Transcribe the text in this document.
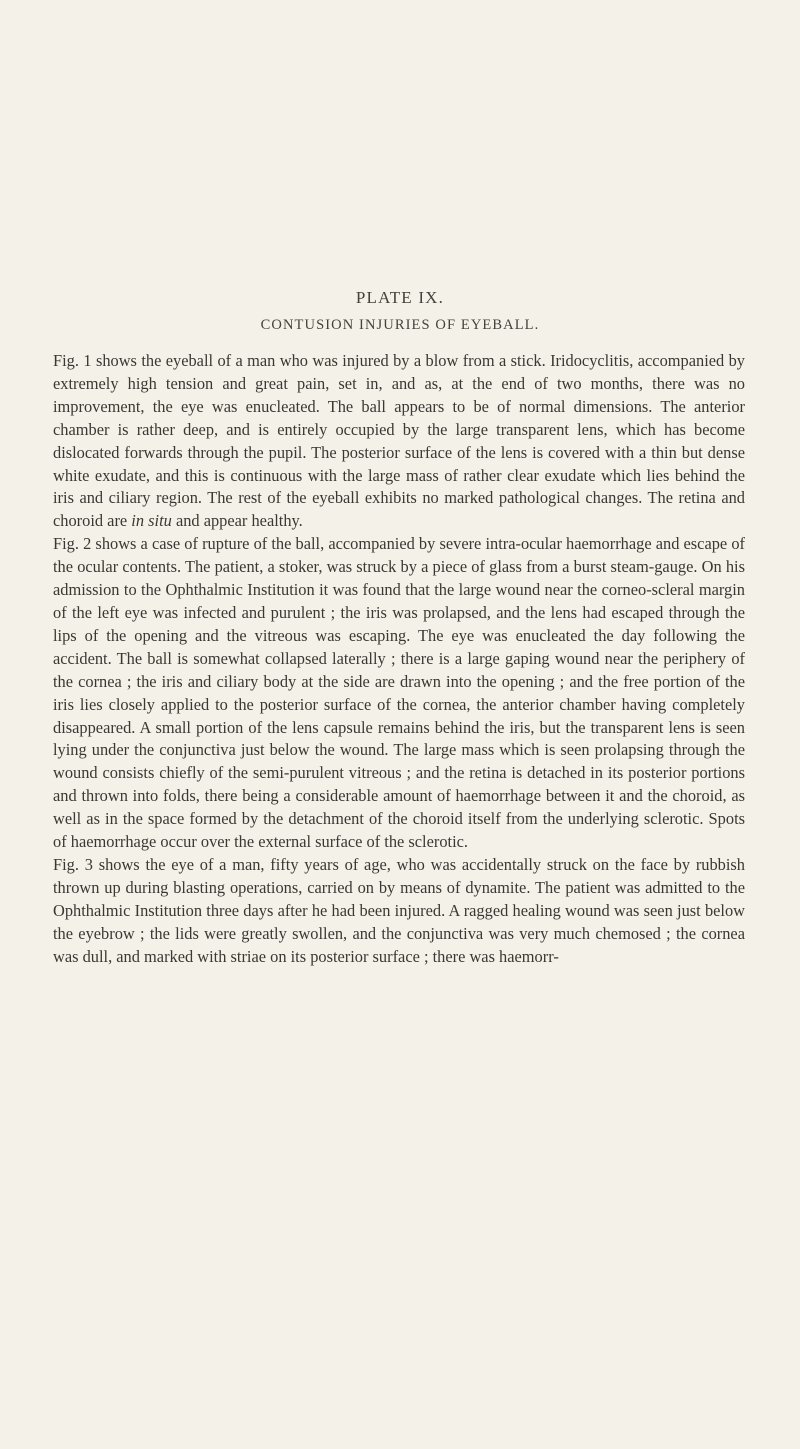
PLATE IX.
CONTUSION INJURIES OF EYEBALL.

Fig. 1 shows the eyeball of a man who was injured by a blow from a stick. Iridocyclitis, accompanied by extremely high tension and great pain, set in, and as, at the end of two months, there was no improvement, the eye was enucleated. The ball appears to be of normal dimensions. The anterior chamber is rather deep, and is entirely occupied by the large transparent lens, which has become dislocated forwards through the pupil. The posterior surface of the lens is covered with a thin but dense white exudate, and this is continuous with the large mass of rather clear exudate which lies behind the iris and ciliary region. The rest of the eyeball exhibits no marked pathological changes. The retina and choroid are in situ and appear healthy.

Fig. 2 shows a case of rupture of the ball, accompanied by severe intra-ocular haemorrhage and escape of the ocular contents. The patient, a stoker, was struck by a piece of glass from a burst steam-gauge. On his admission to the Ophthalmic Institution it was found that the large wound near the corneo-scleral margin of the left eye was infected and purulent ; the iris was prolapsed, and the lens had escaped through the lips of the opening and the vitreous was escaping. The eye was enucleated the day following the accident. The ball is somewhat collapsed laterally ; there is a large gaping wound near the periphery of the cornea ; the iris and ciliary body at the side are drawn into the opening ; and the free portion of the iris lies closely applied to the posterior surface of the cornea, the anterior chamber having completely disappeared. A small portion of the lens capsule remains behind the iris, but the transparent lens is seen lying under the conjunctiva just below the wound. The large mass which is seen prolapsing through the wound consists chiefly of the semi-purulent vitreous ; and the retina is detached in its posterior portions and thrown into folds, there being a considerable amount of haemorrhage between it and the choroid, as well as in the space formed by the detachment of the choroid itself from the underlying sclerotic. Spots of haemorrhage occur over the external surface of the sclerotic.

Fig. 3 shows the eye of a man, fifty years of age, who was accidentally struck on the face by rubbish thrown up during blasting operations, carried on by means of dynamite. The patient was admitted to the Ophthalmic Institution three days after he had been injured. A ragged healing wound was seen just below the eyebrow ; the lids were greatly swollen, and the conjunctiva was very much chemosed ; the cornea was dull, and marked with striae on its posterior surface ; there was haemorr-
